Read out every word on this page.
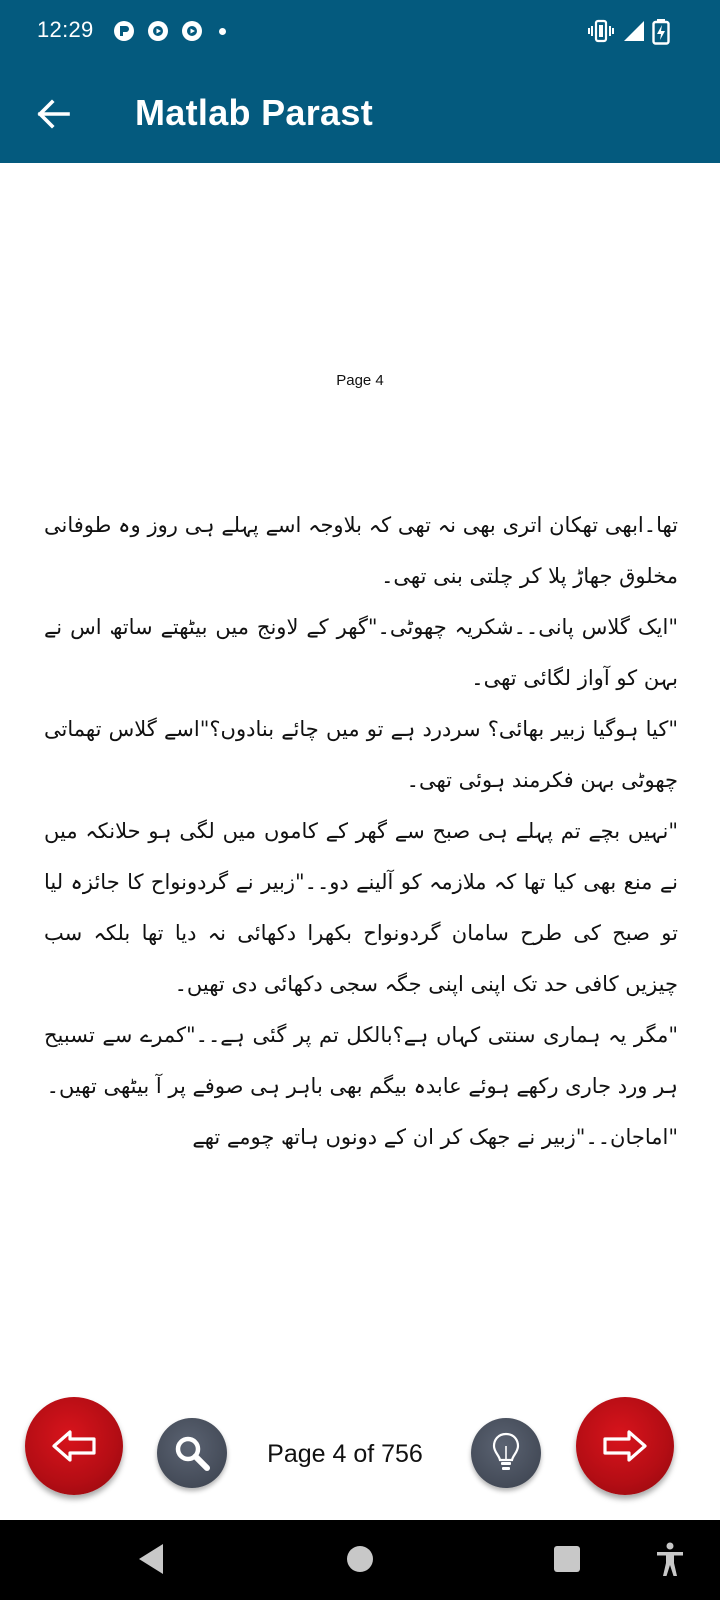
12:29
Matlab Parast
Page 4

تھا۔ابھی تھکان اتری بھی نہ تھی کہ بلاوجہ اسے پہلے ہی روز وہ طوفانی مخلوق جھاڑ پلا کر چلتی بنی تھی۔

"ایک گلاس پانی۔۔شکریہ چھوٹی۔"گھر کے لاونج میں بیٹھتے ساتھ اس نے بہن کو آواز لگائی تھی۔

"کیا ہوگیا زبیر بھائی؟ سردرد ہے تو میں چائے بنادوں؟"اسے گلاس تھماتی چھوٹی بہن فکرمند ہوئی تھی۔

"نہیں بچے تم پہلے ہی صبح سے گھر کے کاموں میں لگی ہو حلانکہ میں نے منع بھی کیا تھا کہ ملازمہ کو آلینے دو۔۔"زبیر نے گردونواح کا جائزہ لیا تو صبح کی طرح سامان گردونواح بکھرا دکھائی نہ دیا تھا بلکہ سب چیزیں کافی حد تک اپنی اپنی جگہ سجی دکھائی دی تھیں۔

"مگر یہ ہماری سنتی کہاں ہے؟بالکل تم پر گئی ہے۔۔"کمرے سے تسبیح ہر ورد جاری رکھے ہوئے عابدہ بیگم بھی باہر ہی صوفے پر آ بیٹھی تھیں۔

"اماجان۔۔"زبیر نے جھک کر ان کے دونوں ہاتھ چومے تھے

Page 4 of 756
